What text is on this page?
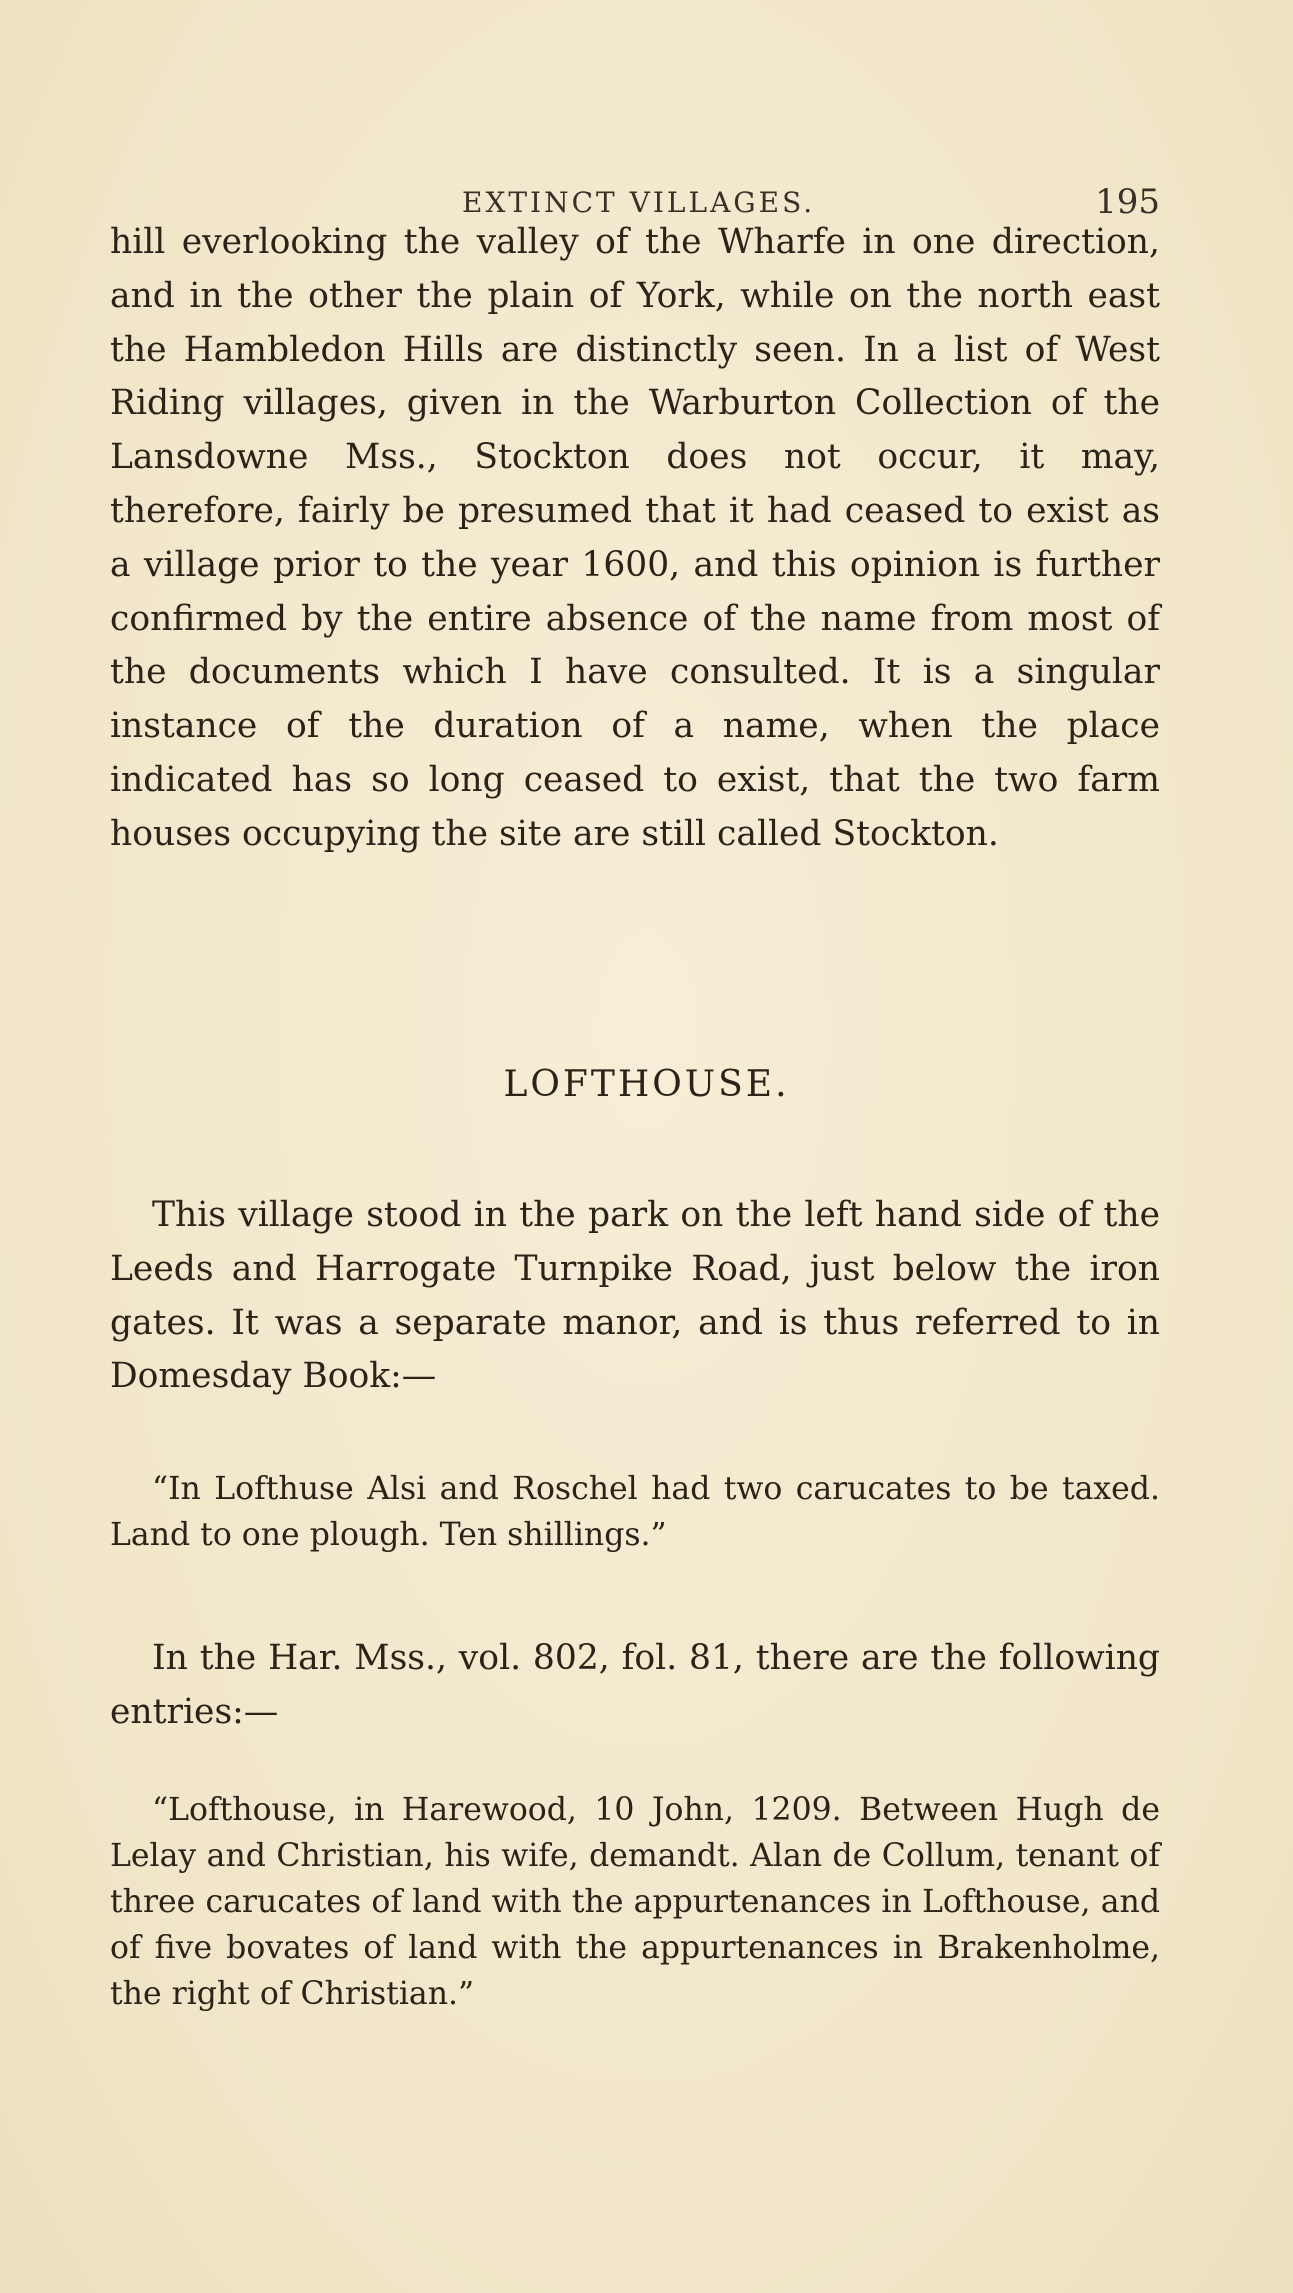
EXTINCT VILLAGES.	195

hill everlooking the valley of the Wharfe in one direction, and in the other the plain of York, while on the north east the Hambledon Hills are distinctly seen. In a list of West Riding villages, given in the Warburton Collection of the Lansdowne Mss., Stockton does not occur, it may, therefore, fairly be presumed that it had ceased to exist as a village prior to the year 1600, and this opinion is further confirmed by the entire absence of the name from most of the documents which I have consulted. It is a singular instance of the duration of a name, when the place indicated has so long ceased to exist, that the two farm houses occupying the site are still called Stockton.

LOFTHOUSE.

This village stood in the park on the left hand side of the Leeds and Harrogate Turnpike Road, just below the iron gates. It was a separate manor, and is thus referred to in Domesday Book:—

“In Lofthuse Alsi and Roschel had two carucates to be taxed. Land to one plough. Ten shillings.”

In the Har. Mss., vol. 802, fol. 81, there are the following entries:—

“Lofthouse, in Harewood, 10 John, 1209. Between Hugh de Lelay and Christian, his wife, demandt. Alan de Collum, tenant of three carucates of land with the appurtenances in Lofthouse, and of five bovates of land with the appurtenances in Brakenholme, the right of Christian.”
